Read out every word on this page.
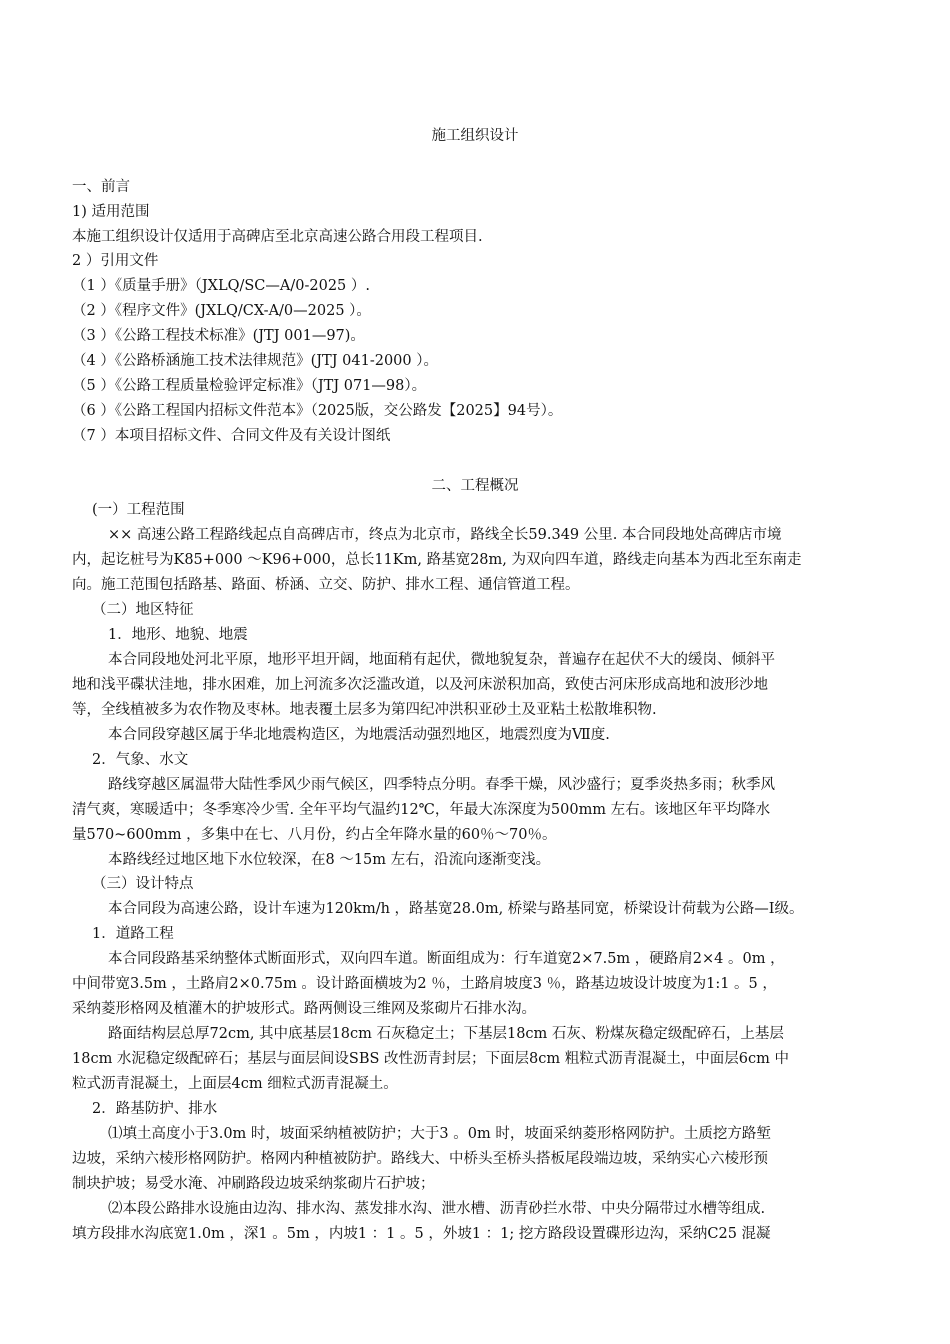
施工组织设计
一、前言
1) 适用范围
本施工组织设计仅适用于高碑店至北京高速公路合用段工程项目.
2 ）引用文件
（1 ）《质量手册》（JXLQ/SC—A/0-2025 ）.
（2 ）《程序文件》(JXLQ/CX-A/0—2025 ）。
（3 ）《公路工程技术标准》(JTJ 001—97)。
（4 ）《公路桥涵施工技术法律规范》(JTJ 041-2000 ）。
（5 ）《公路工程质量检验评定标准》（JTJ 071—98）。
（6 ）《公路工程国内招标文件范本》（2025版，交公路发【2025】94号）。
（7 ）本项目招标文件、合同文件及有关设计图纸
二、工程概况
(一）工程范围
×× 高速公路工程路线起点自高碑店市，终点为北京市，路线全长59.349 公里. 本合同段地处高碑店市境
内，起讫桩号为K85+000 ～K96+000，总长11Km, 路基宽28m, 为双向四车道，路线走向基本为西北至东南走
向。施工范围包括路基、路面、桥涵、立交、防护、排水工程、通信管道工程。
（二）地区特征
1．地形、地貌、地震
本合同段地处河北平原，地形平坦开阔，地面稍有起伏，微地貌复杂，普遍存在起伏不大的缓岗、倾斜平
地和浅平碟状洼地，排水困难，加上河流多次泛滥改道，以及河床淤积加高，致使古河床形成高地和波形沙地
等，全线植被多为农作物及枣林。地表覆土层多为第四纪冲洪积亚砂土及亚粘土松散堆积物.
本合同段穿越区属于华北地震构造区，为地震活动强烈地区，地震烈度为Ⅶ度.
2．气象、水文
路线穿越区属温带大陆性季风少雨气候区，四季特点分明。春季干燥，风沙盛行；夏季炎热多雨；秋季风
清气爽，寒暖适中；冬季寒冷少雪. 全年平均气温约12℃，年最大冻深度为500mm 左右。该地区年平均降水
量570~600mm ，多集中在七、八月份，约占全年降水量的60％～70％。
本路线经过地区地下水位较深，在8 ～15m 左右，沿流向逐渐变浅。
（三）设计特点
本合同段为高速公路，设计车速为120km/h ，路基宽28.0m, 桥梁与路基同宽，桥梁设计荷载为公路—Ⅰ级。
1．道路工程
本合同段路基采纳整体式断面形式，双向四车道。断面组成为：行车道宽2×7.5m ，硬路肩2×4 。0m ，
中间带宽3.5m ，土路肩2×0.75m 。设计路面横坡为2 ％，土路肩坡度3 ％，路基边坡设计坡度为1:1 。5 ，
采纳菱形格网及植灌木的护坡形式。路两侧设三维网及浆砌片石排水沟。
路面结构层总厚72cm, 其中底基层18cm 石灰稳定土；下基层18cm 石灰、粉煤灰稳定级配碎石，上基层
18cm 水泥稳定级配碎石；基层与面层间设SBS 改性沥青封层；下面层8cm 粗粒式沥青混凝土，中面层6cm 中
粒式沥青混凝土，上面层4cm 细粒式沥青混凝土。
2．路基防护、排水
⑴填土高度小于3.0m 时，坡面采纳植被防护；大于3 。0m 时，坡面采纳菱形格网防护。土质挖方路堑
边坡，采纳六棱形格网防护。格网内种植被防护。路线大、中桥头至桥头搭板尾段端边坡，采纳实心六棱形预
制块护坡；易受水淹、冲刷路段边坡采纳浆砌片石护坡；
⑵本段公路排水设施由边沟、排水沟、蒸发排水沟、泄水槽、沥青砂拦水带、中央分隔带过水槽等组成.
填方段排水沟底宽1.0m ，深1 。5m ，内坡1 ：1 。5 ，外坡1 ：1; 挖方路段设置碟形边沟，采纳C25 混凝
